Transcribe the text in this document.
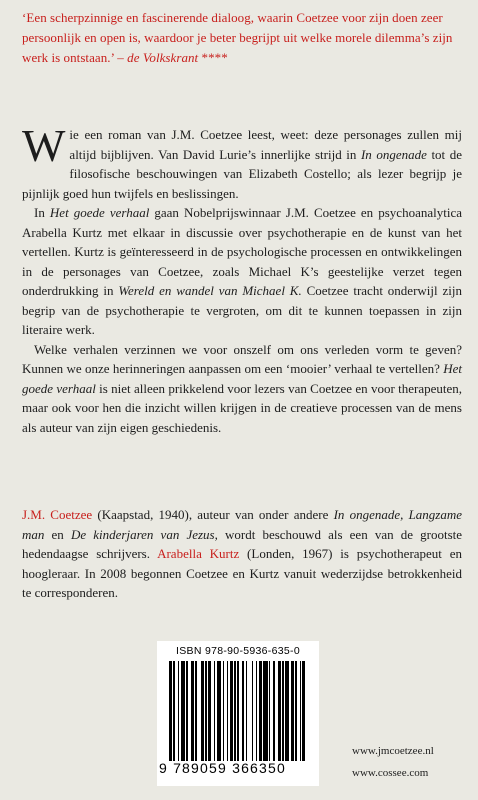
‘Een scherpzinnige en fascinerende dialoog, waarin Coetzee voor zijn doen zeer persoonlijk en open is, waardoor je beter begrijpt uit welke morele dilemma’s zijn werk is ontstaan.’ – de Volkskrant ****

Wie een roman van J.M. Coetzee leest, weet: deze personages zullen mij altijd bijblijven. Van David Lurie’s innerlijke strijd in In ongenade tot de filosofische beschouwingen van Elizabeth Costello; als lezer begrijp je pijnlijk goed hun twijfels en beslissingen.

In Het goede verhaal gaan Nobelprijswinnaar J.M. Coetzee en psychoanalytica Arabella Kurtz met elkaar in discussie over psychotherapie en de kunst van het vertellen. Kurtz is geïnteresseerd in de psychologische processen en ontwikkelingen in de personages van Coetzee, zoals Michael K’s geestelijke verzet tegen onderdrukking in Wereld en wandel van Michael K. Coetzee tracht onderwijl zijn begrip van de psychotherapie te vergroten, om dit te kunnen toepassen in zijn literaire werk.

Welke verhalen verzinnen we voor onszelf om ons verleden vorm te geven? Kunnen we onze herinneringen aanpassen om een ‘mooier’ verhaal te vertellen? Het goede verhaal is niet alleen prikkelend voor lezers van Coetzee en voor therapeuten, maar ook voor hen die inzicht willen krijgen in de creatieve processen van de mens als auteur van zijn eigen geschiedenis.

J.M. Coetzee (Kaapstad, 1940), auteur van onder andere In ongenade, Langzame man en De kinderjaren van Jezus, wordt beschouwd als een van de grootste hedendaagse schrijvers. Arabella Kurtz (Londen, 1967) is psychotherapeut en hoogleraar. In 2008 begonnen Coetzee en Kurtz vanuit wederzijdse betrokkenheid te corresponderen.

ISBN 978-90-5936-635-0
9 789059 366350
www.jmcoetzee.nl
www.cossee.com
